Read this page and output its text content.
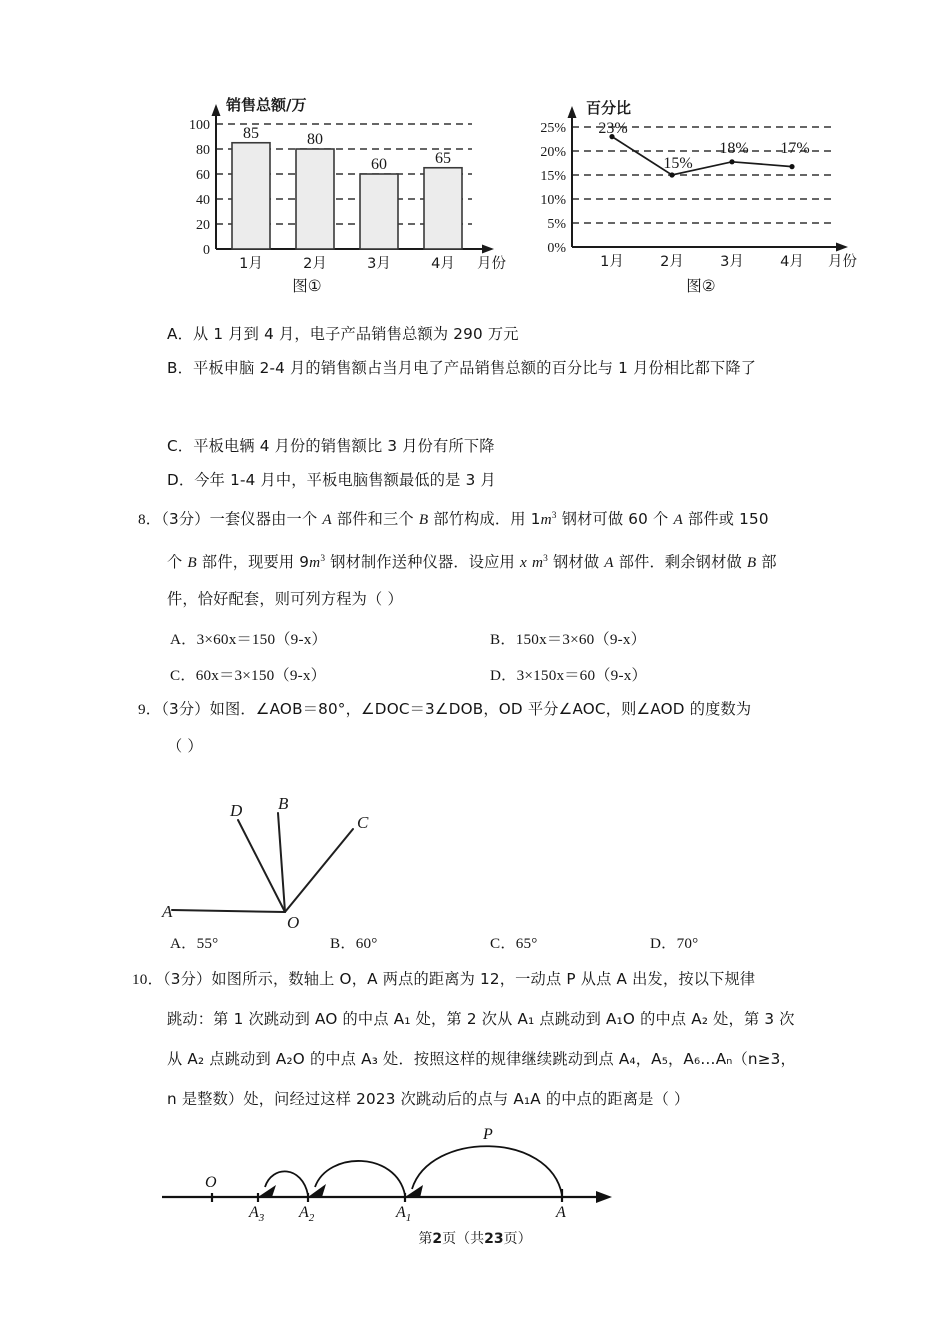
100
80
60
40
20
0
销售总额/万
85	80
60	65
1月	2月	3月	4月 月份
图①
25%
20%
15%
10%
5%
0%
百分比
23%
15%
18% 17%
1月	2月	3月	4月 月份
图②
A．从 1 月到 4 月，电子产品销售总额为 290 万元
B．平板申脑 2‑4 月的销售额占当月电了产品销售总额的百分比与 1 月份相比都下降了
C．平板电辆 4 月份的销售额比 3 月份有所下降
D．今年 1‑4 月中，平板电脑售额最低的是 3 月
8．（3分）一套仪器由一个 A 部件和三个 B 部竹构成．用 $1m^3$ 钢材可做 60 个 A 部件或 150
个 B 部件，现要用 $9m^3$ 钢材制作送种仪器．设应用 x $m^3$ 钢材做 A 部件．剩余钢材做 B 部
件，恰好配套，则可列方程为（ ）
A．3×60x＝150（9‑x）	B．150x＝3×60（9‑x）
C．60x＝3×150（9‑x）	D．3×150x＝60（9‑x）
9．（3分）如图．∠AOB＝80°，∠DOC＝3∠DOB，OD 平分∠AOC，则∠AOD 的度数为
（ ）
A
D B
C
O
A．55°	B．60°	C．65°	D．70°
10．（3分）如图所示，数轴上 O，A 两点的距离为 12，一动点 P 从点 A 出发，按以下规律
跳动：第 1 次跳动到 AO 的中点 A₁ 处，第 2 次从 A₁ 点跳动到 A₁O 的中点 A₂ 处，第 3 次
从 A₂ 点跳动到 A₂O 的中点 A₃ 处．按照这样的规律继续跳动到点 A₄，A₅，A₆…Aₙ（n≥3，
n 是整数）处，问经过这样 2023 次跳动后的点与 A₁A 的中点的距离是（ ）
O
$A_3$ $A_2$	$A_1$	A
P
第2页（共23页）
